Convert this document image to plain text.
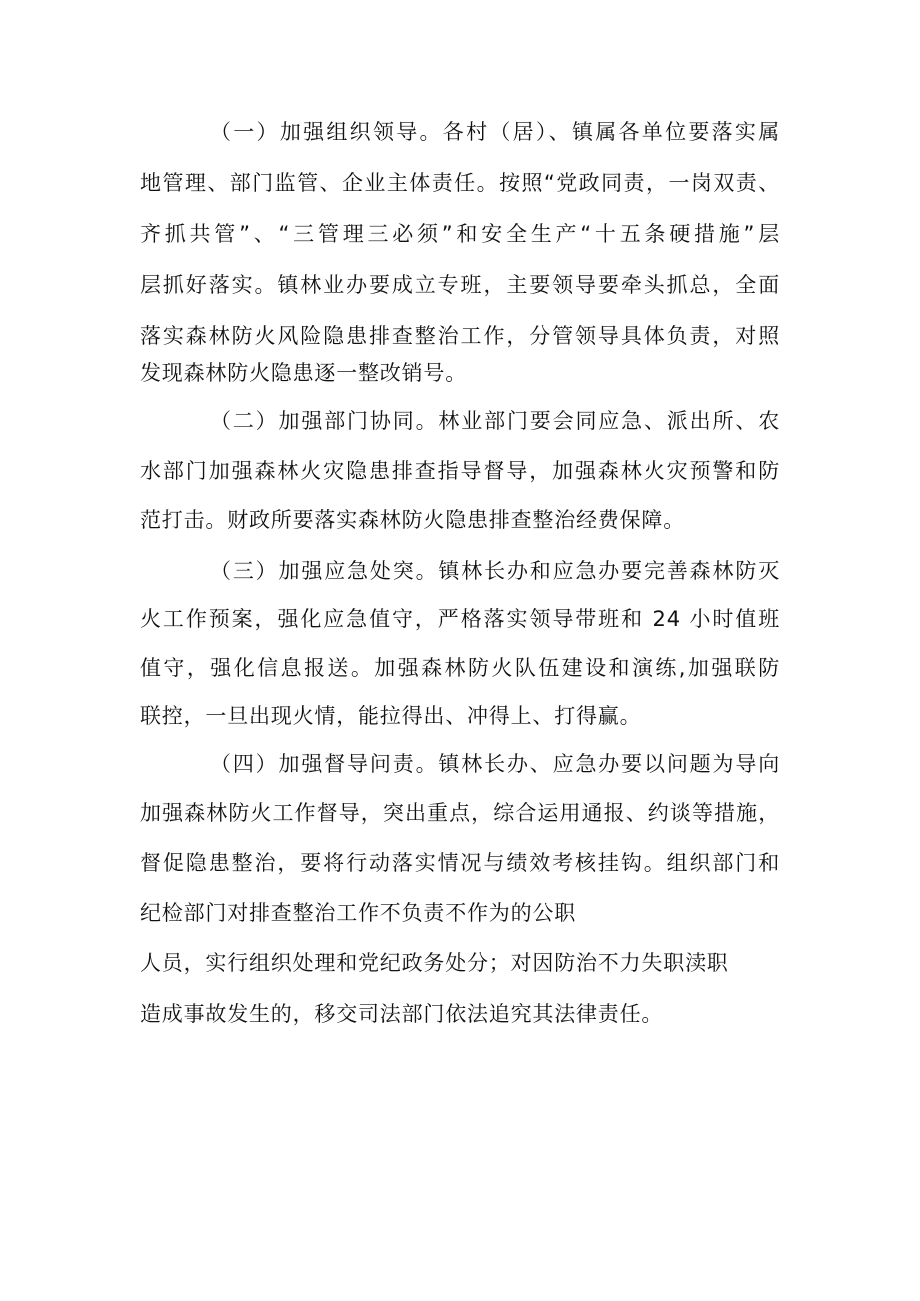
（一）加强组织领导。各村（居）、镇属各单位要落实属
地管理、部门监管、企业主体责任。按照“党政同责，一岗双责、
齐抓共管”、“三管理三必须”和安全生产“十五条硬措施”层
层抓好落实。镇林业办要成立专班，主要领导要牵头抓总，全面
落实森林防火风险隐患排查整治工作，分管领导具体负责，对照
发现森林防火隐患逐一整改销号。
（二）加强部门协同。林业部门要会同应急、派出所、农
水部门加强森林火灾隐患排查指导督导，加强森林火灾预警和防
范打击。财政所要落实森林防火隐患排查整治经费保障。
（三）加强应急处突。镇林长办和应急办要完善森林防灭
火工作预案，强化应急值守，严格落实领导带班和 24 小时值班
值守，强化信息报送。加强森林防火队伍建设和演练,加强联防
联控，一旦出现火情，能拉得出、冲得上、打得赢。
（四）加强督导问责。镇林长办、应急办要以问题为导向
加强森林防火工作督导，突出重点，综合运用通报、约谈等措施，
督促隐患整治，要将行动落实情况与绩效考核挂钩。组织部门和
纪检部门对排查整治工作不负责不作为的公职
人员，实行组织处理和党纪政务处分；对因防治不力失职渎职
造成事故发生的，移交司法部门依法追究其法律责任。
